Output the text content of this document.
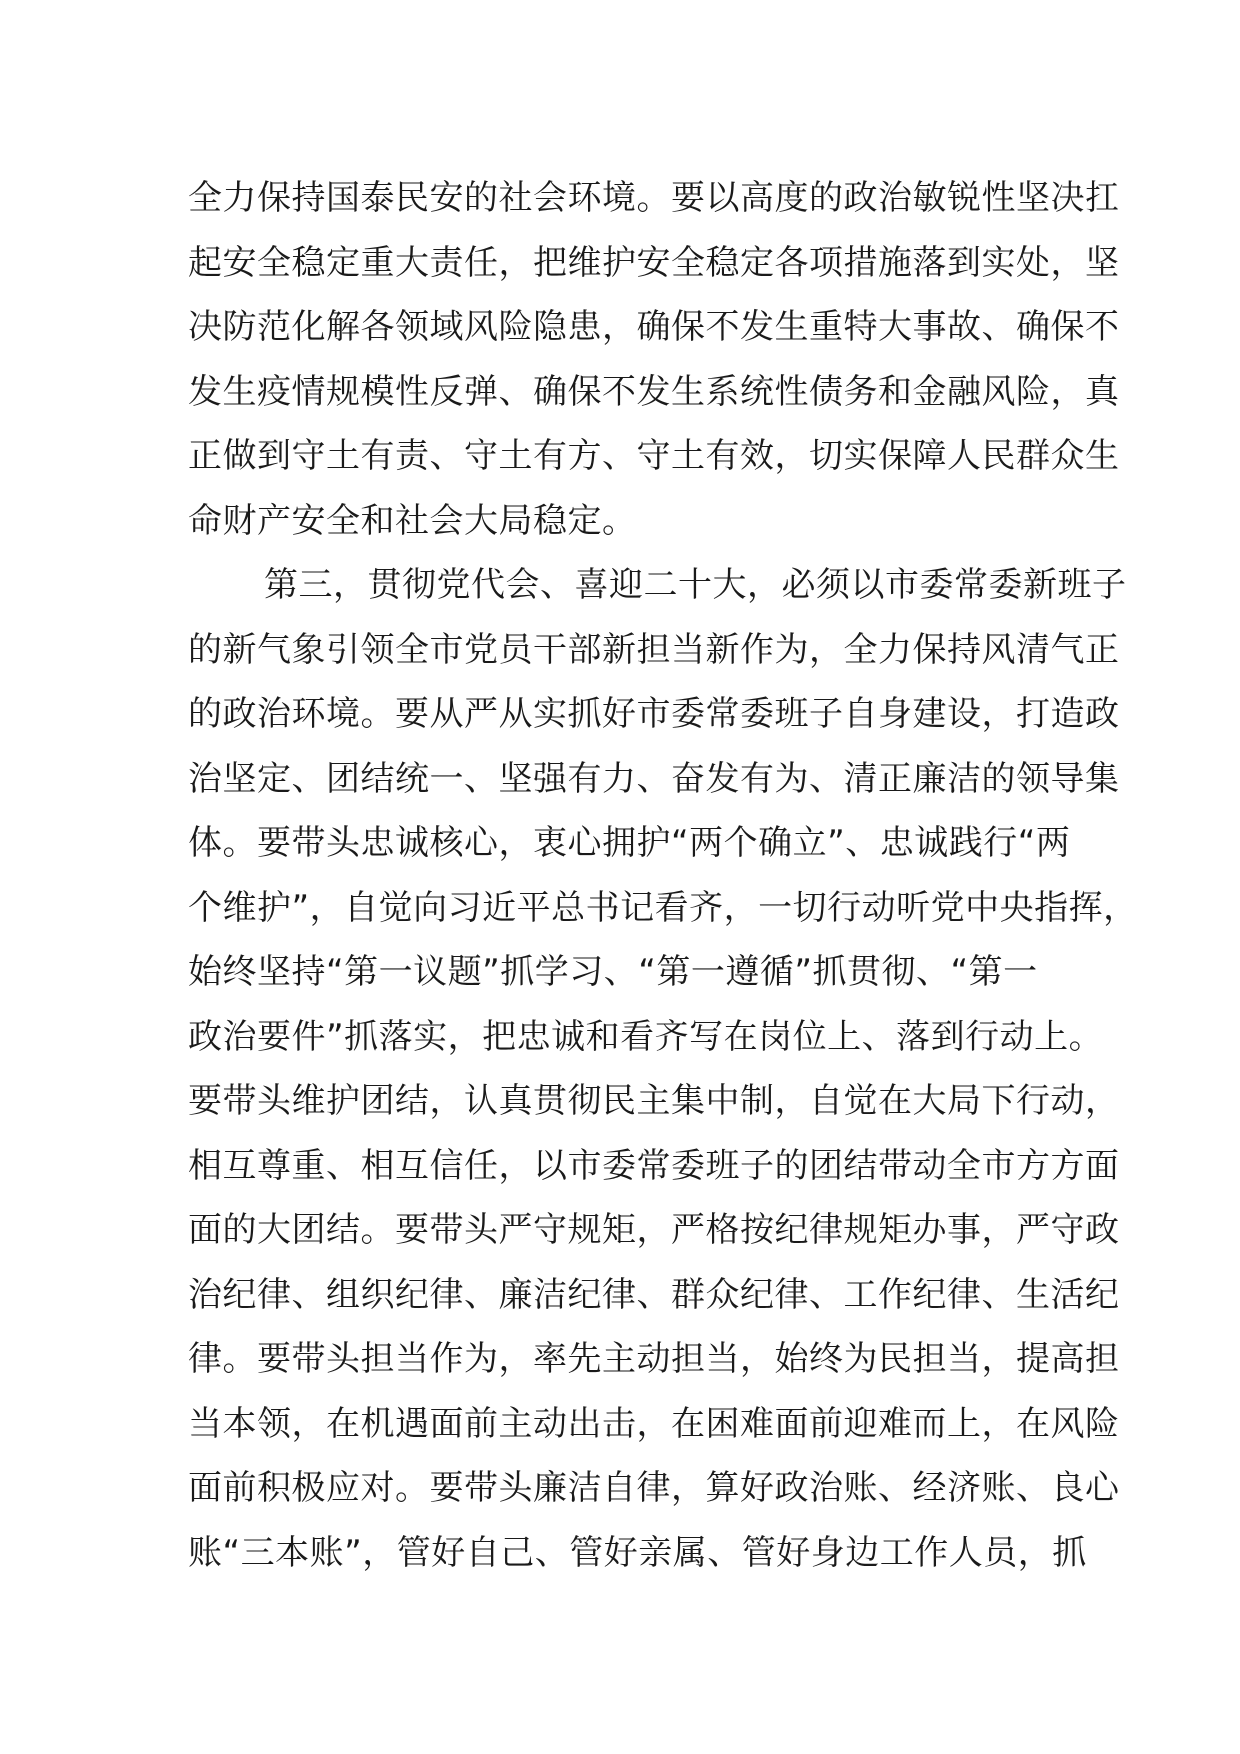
全力保持国泰民安的社会环境。要以高度的政治敏锐性坚决扛
起安全稳定重大责任，把维护安全稳定各项措施落到实处，坚
决防范化解各领域风险隐患，确保不发生重特大事故、确保不
发生疫情规模性反弹、确保不发生系统性债务和金融风险，真
正做到守土有责、守土有方、守土有效，切实保障人民群众生
命财产安全和社会大局稳定。
第三，贯彻党代会、喜迎二十大，必须以市委常委新班子
的新气象引领全市党员干部新担当新作为，全力保持风清气正
的政治环境。要从严从实抓好市委常委班子自身建设，打造政
治坚定、团结统一、坚强有力、奋发有为、清正廉洁的领导集
体。要带头忠诚核心，衷心拥护“两个确立”、忠诚践行“两
个维护”，自觉向习近平总书记看齐，一切行动听党中央指挥，
始终坚持“第一议题”抓学习、“第一遵循”抓贯彻、“第一
政治要件”抓落实，把忠诚和看齐写在岗位上、落到行动上。
要带头维护团结，认真贯彻民主集中制，自觉在大局下行动，
相互尊重、相互信任，以市委常委班子的团结带动全市方方面
面的大团结。要带头严守规矩，严格按纪律规矩办事，严守政
治纪律、组织纪律、廉洁纪律、群众纪律、工作纪律、生活纪
律。要带头担当作为，率先主动担当，始终为民担当，提高担
当本领，在机遇面前主动出击，在困难面前迎难而上，在风险
面前积极应对。要带头廉洁自律，算好政治账、经济账、良心
账“三本账”，管好自己、管好亲属、管好身边工作人员，抓
